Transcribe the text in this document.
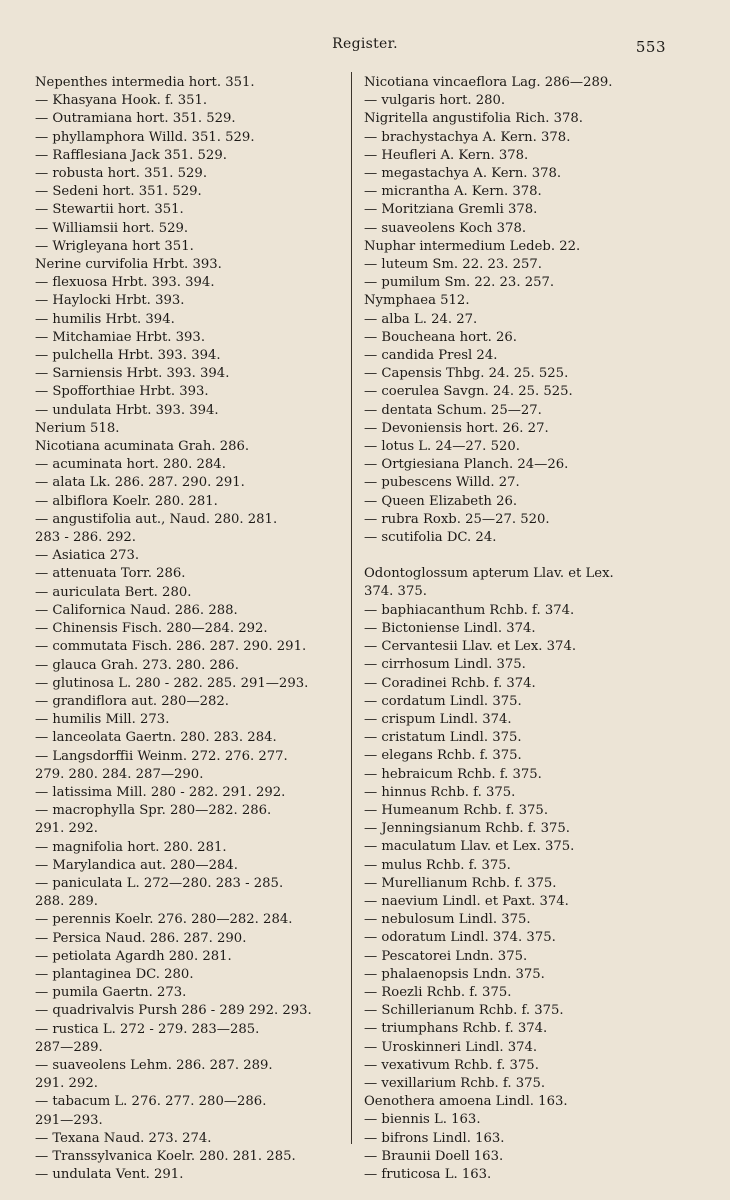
Register.	553
Nepenthes intermedia hort. 351.
— Khasyana Hook. f. 351.
— Outramiana hort. 351. 529.
— phyllamphora Willd. 351. 529.
— Rafflesiana Jack 351. 529.
— robusta hort. 351. 529.
— Sedeni hort. 351. 529.
— Stewartii hort. 351.
— Williamsii hort. 529.
— Wrigleyana hort 351.
Nerine curvifolia Hrbt. 393.
— flexuosa Hrbt. 393. 394.
— Haylocki Hrbt. 393.
— humilis Hrbt. 394.
— Mitchamiae Hrbt. 393.
— pulchella Hrbt. 393. 394.
— Sarniensis Hrbt. 393. 394.
— Spofforthiae Hrbt. 393.
— undulata Hrbt. 393. 394.
Nerium 518.
Nicotiana acuminata Grah. 286.
— acuminata hort. 280. 284.
— alata Lk. 286. 287. 290. 291.
— albiflora Koelr. 280. 281.
— angustifolia aut., Naud. 280. 281.
283 - 286. 292.
— Asiatica 273.
— attenuata Torr. 286.
— auriculata Bert. 280.
— Californica Naud. 286. 288.
— Chinensis Fisch. 280—284. 292.
— commutata Fisch. 286. 287. 290. 291.
— glauca Grah. 273. 280. 286.
— glutinosa L. 280 - 282. 285. 291—293.
— grandiflora aut. 280—282.
— humilis Mill. 273.
— lanceolata Gaertn. 280. 283. 284.
— Langsdorffii Weinm. 272. 276. 277.
279. 280. 284. 287—290.
— latissima Mill. 280 - 282. 291. 292.
— macrophylla Spr. 280—282. 286.
291. 292.
— magnifolia hort. 280. 281.
— Marylandica aut. 280—284.
— paniculata L. 272—280. 283 - 285.
288. 289.
— perennis Koelr. 276. 280—282. 284.
— Persica Naud. 286. 287. 290.
— petiolata Agardh 280. 281.
— plantaginea DC. 280.
— pumila Gaertn. 273.
— quadrivalvis Pursh 286 - 289 292. 293.
— rustica L. 272 - 279. 283—285.
287—289.
— suaveolens Lehm. 286. 287. 289.
291. 292.
— tabacum L. 276. 277. 280—286.
291—293.
— Texana Naud. 273. 274.
— Transsylvanica Koelr. 280. 281. 285.
— undulata Vent. 291.
Nicotiana vincaeflora Lag. 286—289.
— vulgaris hort. 280.
Nigritella angustifolia Rich. 378.
— brachystachya A. Kern. 378.
— Heufleri A. Kern. 378.
— megastachya A. Kern. 378.
— micrantha A. Kern. 378.
— Moritziana Gremli 378.
— suaveolens Koch 378.
Nuphar intermedium Ledeb. 22.
— luteum Sm. 22. 23. 257.
— pumilum Sm. 22. 23. 257.
Nymphaea 512.
— alba L. 24. 27.
— Boucheana hort. 26.
— candida Presl 24.
— Capensis Thbg. 24. 25. 525.
— coerulea Savgn. 24. 25. 525.
— dentata Schum. 25—27.
— Devoniensis hort. 26. 27.
— lotus L. 24—27. 520.
— Ortgiesiana Planch. 24—26.
— pubescens Willd. 27.
— Queen Elizabeth 26.
— rubra Roxb. 25—27. 520.
— scutifolia DC. 24.
Odontoglossum apterum Llav. et Lex.
374. 375.
— baphiacanthum Rchb. f. 374.
— Bictoniense Lindl. 374.
— Cervantesii Llav. et Lex. 374.
— cirrhosum Lindl. 375.
— Coradinei Rchb. f. 374.
— cordatum Lindl. 375.
— crispum Lindl. 374.
— cristatum Lindl. 375.
— elegans Rchb. f. 375.
— hebraicum Rchb. f. 375.
— hinnus Rchb. f. 375.
— Humeanum Rchb. f. 375.
— Jenningsianum Rchb. f. 375.
— maculatum Llav. et Lex. 375.
— mulus Rchb. f. 375.
— Murellianum Rchb. f. 375.
— naevium Lindl. et Paxt. 374.
— nebulosum Lindl. 375.
— odoratum Lindl. 374. 375.
— Pescatorei Lndn. 375.
— phalaenopsis Lndn. 375.
— Roezli Rchb. f. 375.
— Schillerianum Rchb. f. 375.
— triumphans Rchb. f. 374.
— Uroskinneri Lindl. 374.
— vexativum Rchb. f. 375.
— vexillarium Rchb. f. 375.
Oenothera amoena Lindl. 163.
— biennis L. 163.
— bifrons Lindl. 163.
— Braunii Doell 163.
— fruticosa L. 163.
